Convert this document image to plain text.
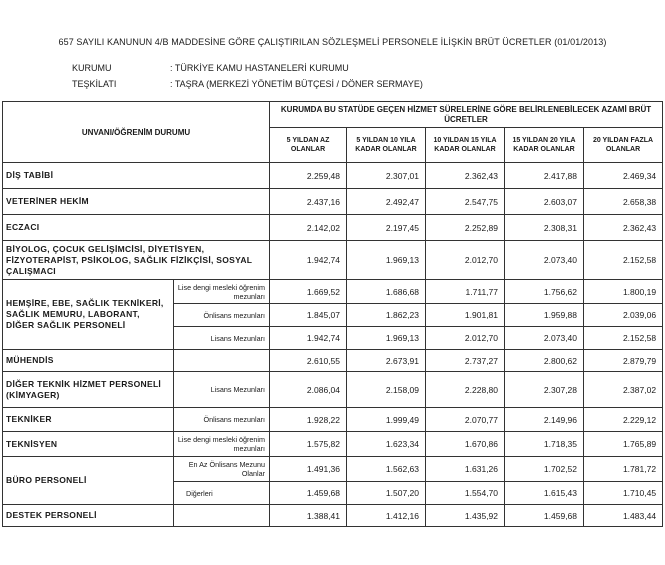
657 SAYILI KANUNUN 4/B MADDESİNE GÖRE ÇALIŞTIRILAN SÖZLEŞMELİ PERSONELE İLİŞKİN BRÜT ÜCRETLER (01/01/2013)
KURUMU	: TÜRKİYE KAMU HASTANELERİ KURUMU
TEŞKİLATI	: TAŞRA (MERKEZİ YÖNETİM BÜTÇESİ / DÖNER SERMAYE)
UNVANI/ÖĞRENİM DURUMU		KURUMDA BU STATÜDE GEÇEN HİZMET SÜRELERİNE GÖRE BELİRLENEBİLECEK AZAMİ BRÜT ÜCRETLER				
		5 YILDAN AZ OLANLAR	5 YILDAN 10 YILA KADAR OLANLAR	10 YILDAN 15 YILA KADAR OLANLAR	15 YILDAN 20 YILA KADAR OLANLAR	20 YILDAN FAZLA OLANLAR
DİŞ TABİBİ		2.259,48	2.307,01	2.362,43	2.417,88	2.469,34
VETERİNER HEKİM		2.437,16	2.492,47	2.547,75	2.603,07	2.658,38
ECZACI		2.142,02	2.197,45	2.252,89	2.308,31	2.362,43
BİYOLOG, ÇOCUK GELİŞİMCİSİ, DİYETİSYEN, FİZYOTERAPİST, PSİKOLOG, SAĞLIK FİZİKÇİSİ, SOSYAL ÇALIŞMACI		1.942,74	1.969,13	2.012,70	2.073,40	2.152,58
HEMŞİRE, EBE, SAĞLIK TEKNİKERİ, SAĞLIK MEMURU, LABORANT, DİĞER SAĞLIK PERSONELİ	Lise dengi mesleki öğrenim mezunları	1.669,52	1.686,68	1.711,77	1.756,62	1.800,19
	Önlisans mezunları	1.845,07	1.862,23	1.901,81	1.959,88	2.039,06
	Lisans Mezunları	1.942,74	1.969,13	2.012,70	2.073,40	2.152,58
MÜHENDİS		2.610,55	2.673,91	2.737,27	2.800,62	2.879,79
DİĞER TEKNİK HİZMET PERSONELİ (KİMYAGER)	Lisans Mezunları	2.086,04	2.158,09	2.228,80	2.307,28	2.387,02
TEKNİKER	Önlisans mezunları	1.928,22	1.999,49	2.070,77	2.149,96	2.229,12
TEKNİSYEN	Lise dengi mesleki öğrenim mezunları	1.575,82	1.623,34	1.670,86	1.718,35	1.765,89
BÜRO PERSONELİ	En Az Önlisans Mezunu Olanlar	1.491,36	1.562,63	1.631,26	1.702,52	1.781,72
	Diğerleri	1.459,68	1.507,20	1.554,70	1.615,43	1.710,45
DESTEK PERSONELİ		1.388,41	1.412,16	1.435,92	1.459,68	1.483,44
